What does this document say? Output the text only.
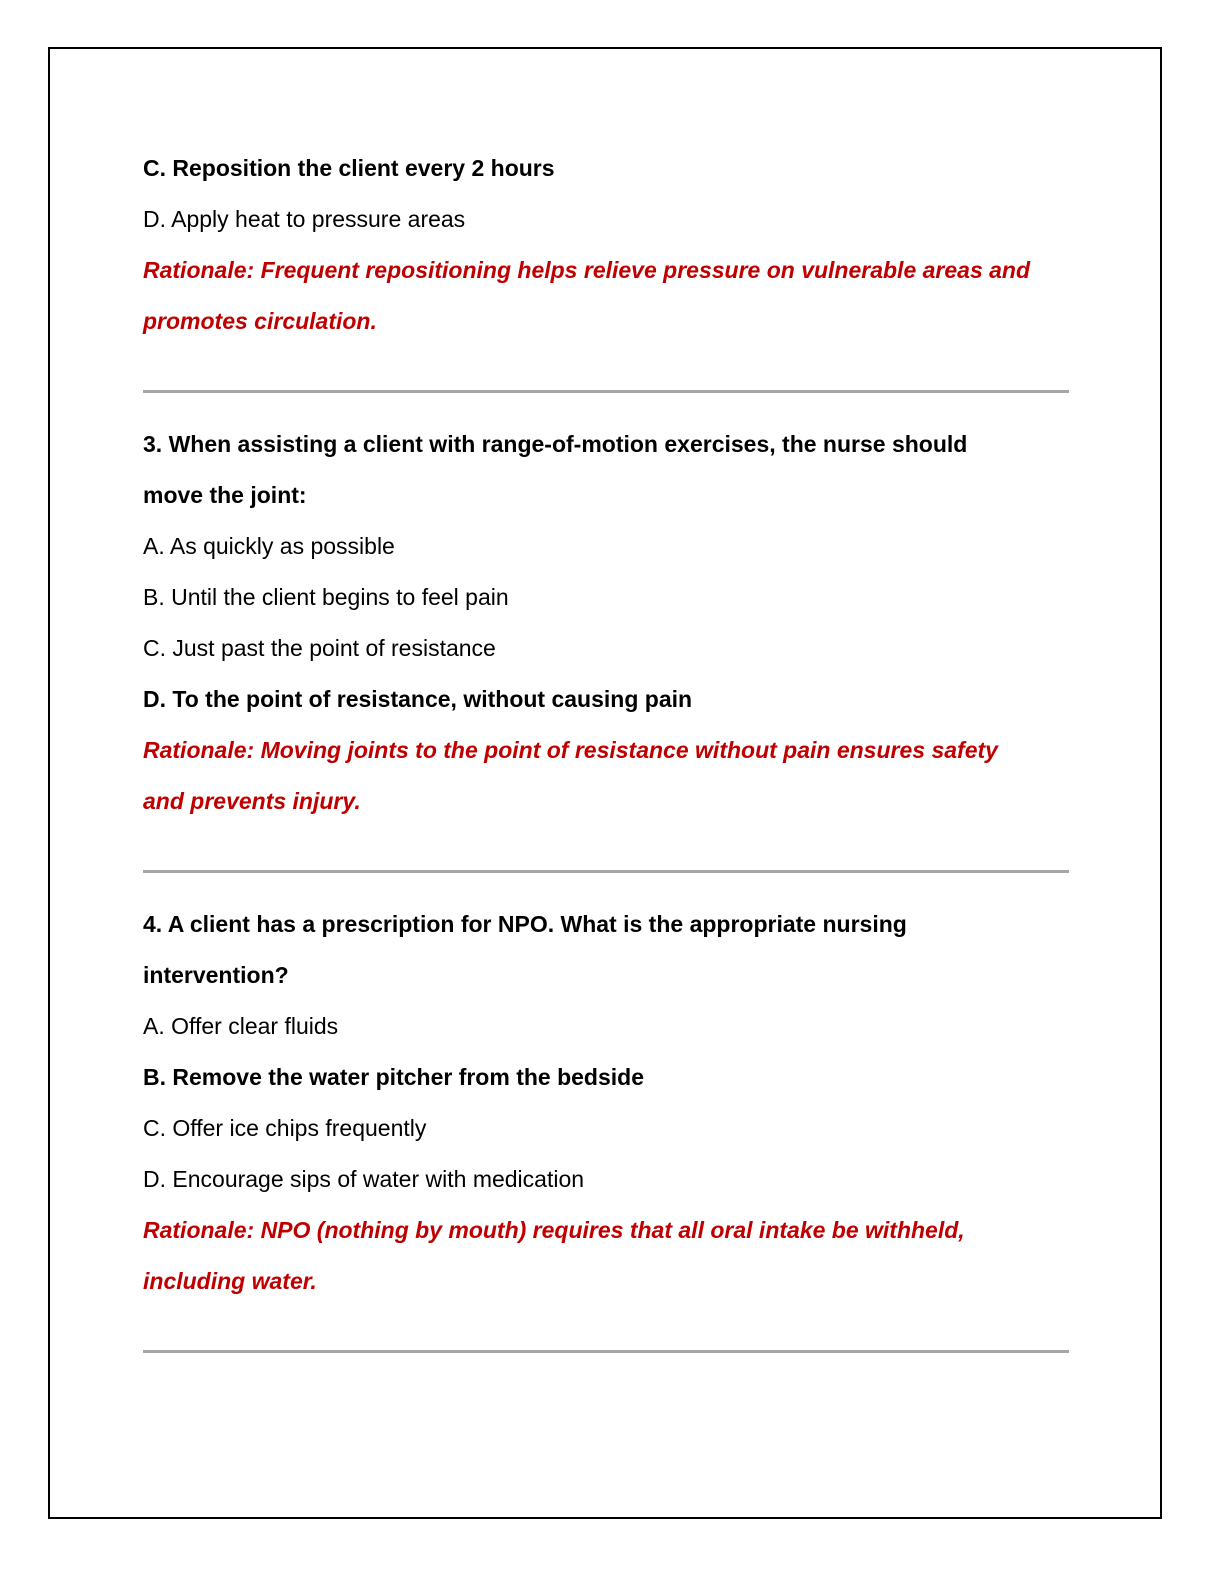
C. Reposition the client every 2 hours
D. Apply heat to pressure areas
Rationale: Frequent repositioning helps relieve pressure on vulnerable areas and
promotes circulation.
3. When assisting a client with range-of-motion exercises, the nurse should
move the joint:
A. As quickly as possible
B. Until the client begins to feel pain
C. Just past the point of resistance
D. To the point of resistance, without causing pain
Rationale: Moving joints to the point of resistance without pain ensures safety
and prevents injury.
4. A client has a prescription for NPO. What is the appropriate nursing
intervention?
A. Offer clear fluids
B. Remove the water pitcher from the bedside
C. Offer ice chips frequently
D. Encourage sips of water with medication
Rationale: NPO (nothing by mouth) requires that all oral intake be withheld,
including water.
